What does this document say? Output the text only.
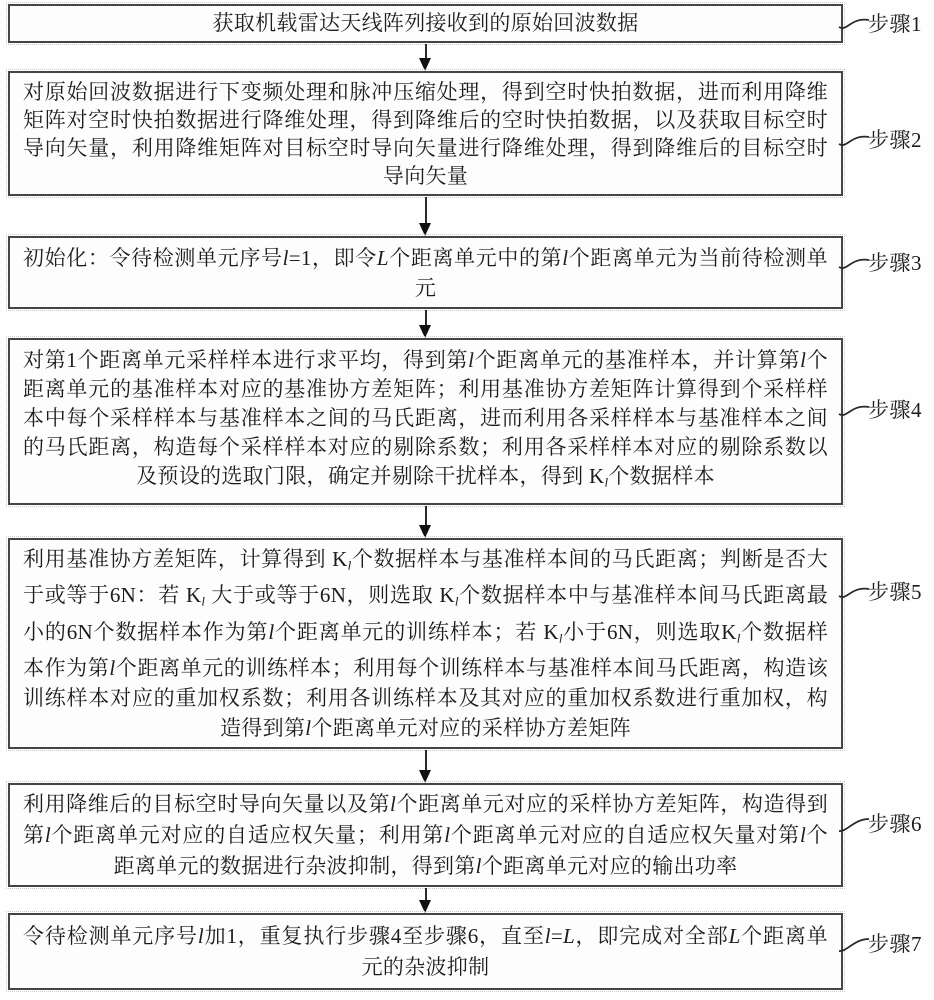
获取机载雷达天线阵列接收到的原始回波数据	步骤1
对原始回波数据进行下变频处理和脉冲压缩处理，得到空时快拍数据，进而利用降维矩阵对空时快拍数据进行降维处理，得到降维后的空时快拍数据，以及获取目标空时导向矢量，利用降维矩阵对目标空时导向矢量进行降维处理，得到降维后的目标空时导向矢量
步骤2
初始化：令待检测单元序号l=1，即令L个距离单元中的第l个距离单元为当前待检测单元
步骤3
对第1个距离单元采样样本进行求平均，得到第l个距离单元的基准样本，并计算第l个距离单元的基准样本对应的基准协方差矩阵；利用基准协方差矩阵计算得到个采样样本中每个采样样本与基准样本之间的马氏距离，进而利用各采样样本与基准样本之间的马氏距离，构造每个采样样本对应的剔除系数；利用各采样样本对应的剔除系数以及预设的选取门限，确定并剔除干扰样本，得到 Kl个数据样本
步骤4
利用基准协方差矩阵，计算得到 Kl个数据样本与基准样本间的马氏距离；判断是否大于或等于6N：若 Kl 大于或等于6N，则选取 Kl个数据样本中与基准样本间马氏距离最小的6N个数据样本作为第l个距离单元的训练样本；若 Kl小于6N，则选取Kl个数据样本作为第l个距离单元的训练样本；利用每个训练样本与基准样本间马氏距离，构造该训练样本对应的重加权系数；利用各训练样本及其对应的重加权系数进行重加权，构造得到第l个距离单元对应的采样协方差矩阵
步骤5
利用降维后的目标空时导向矢量以及第l个距离单元对应的采样协方差矩阵，构造得到第l个距离单元对应的自适应权矢量；利用第l个距离单元对应的自适应权矢量对第l个距离单元的数据进行杂波抑制，得到第l个距离单元对应的输出功率
步骤6
令待检测单元序号l加1，重复执行步骤4至步骤6，直至l=L，即完成对全部L个距离单元的杂波抑制
步骤7
